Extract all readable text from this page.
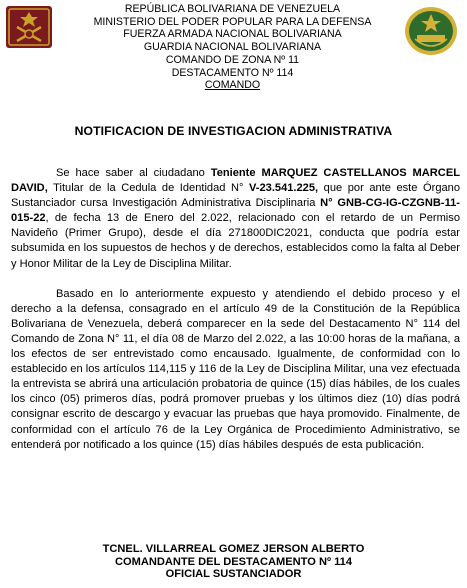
REPÚBLICA BOLIVARIANA DE VENEZUELA
MINISTERIO DEL PODER POPULAR PARA LA DEFENSA
FUERZA ARMADA NACIONAL BOLIVARIANA
GUARDIA NACIONAL BOLIVARIANA
COMANDO DE ZONA Nº 11
DESTACAMENTO Nº 114
COMANDO
NOTIFICACION DE INVESTIGACION ADMINISTRATIVA

Se hace saber al ciudadano Teniente MARQUEZ CASTELLANOS MARCEL DAVID, Titular de la Cedula de Identidad N° V-23.541.225, que por ante este Órgano Sustanciador cursa Investigación Administrativa Disciplinaria N° GNB-CG-IG-CZGNB-11-015-22, de fecha 13 de Enero del 2.022, relacionado con el retardo de un Permiso Navideño (Primer Grupo), desde el día 271800DIC2021, conducta que podría estar subsumida en los supuestos de hechos y de derechos, establecidos como la falta al Deber y Honor Militar de la Ley de Disciplina Militar.

Basado en lo anteriormente expuesto y atendiendo el debido proceso y el derecho a la defensa, consagrado en el artículo 49 de la Constitución de la República Bolivariana de Venezuela, deberá comparecer en la sede del Destacamento N° 114 del Comando de Zona N° 11, el día 08 de Marzo del 2.022, a las 10:00 horas de la mañana, a los efectos de ser entrevistado como encausado. Igualmente, de conformidad con lo establecido en los artículos 114,115 y 116 de la Ley de Disciplina Militar, una vez efectuada la entrevista se abrirá una articulación probatoria de quince (15) días hábiles, de los cuales los cinco (05) primeros días, podrá promover pruebas y los últimos diez (10) días podrá consignar escrito de descargo y evacuar las pruebas que haya promovido. Finalmente, de conformidad con el artículo 76 de la Ley Orgánica de Procedimiento Administrativo, se entenderá por notificado a los quince (15) días hábiles después de esta publicación.

TCNEL. VILLARREAL GOMEZ JERSON ALBERTO
COMANDANTE DEL DESTACAMENTO Nº 114
OFICIAL SUSTANCIADOR
